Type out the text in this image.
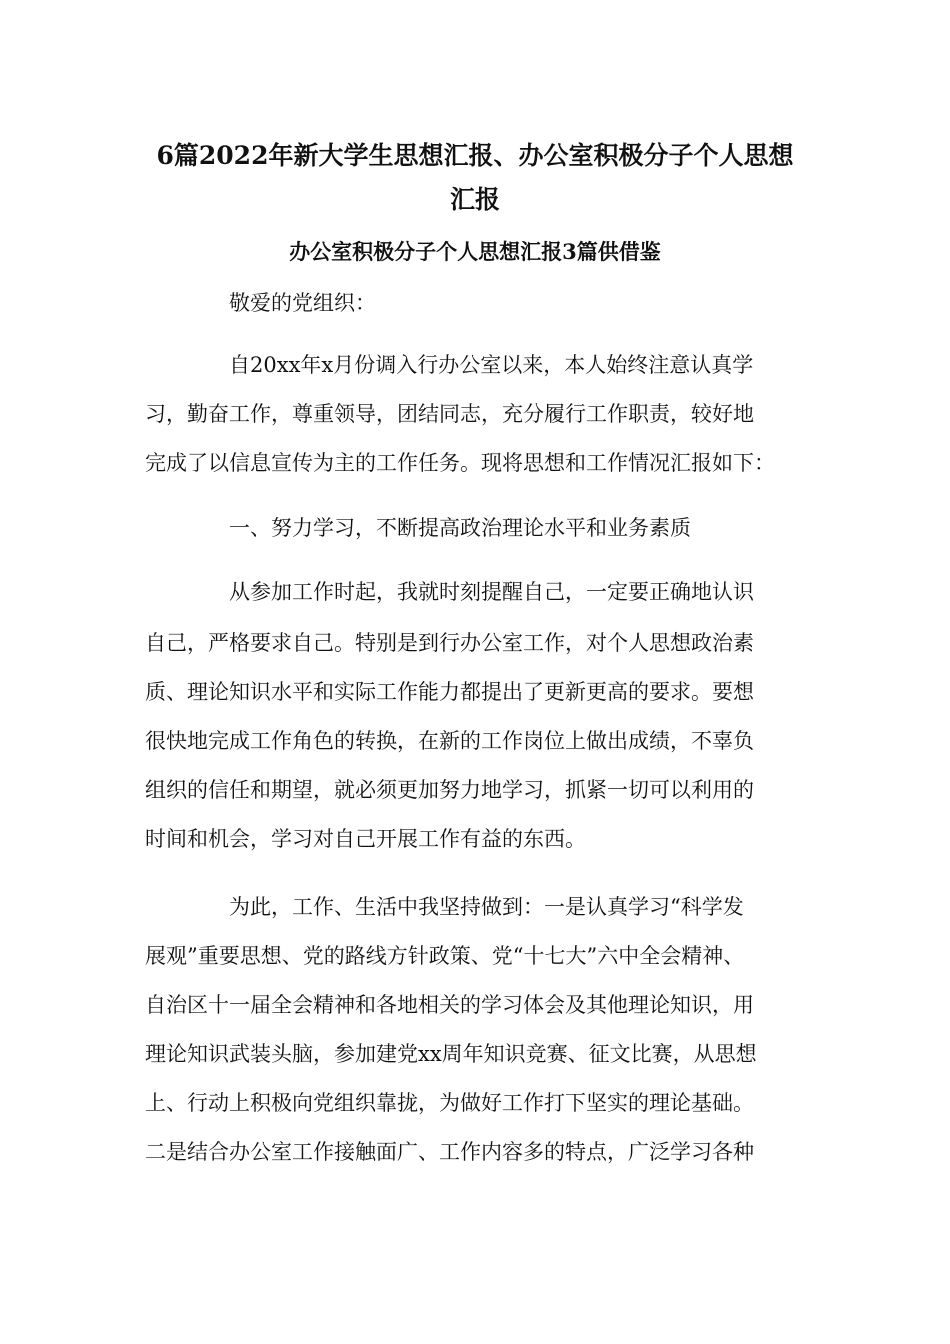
6篇2022年新大学生思想汇报、办公室积极分子个人思想
汇报
办公室积极分子个人思想汇报3篇供借鉴
敬爱的党组织：
自20xx年x月份调入行办公室以来，本人始终注意认真学
习，勤奋工作，尊重领导，团结同志，充分履行工作职责，较好地
完成了以信息宣传为主的工作任务。现将思想和工作情况汇报如下：
一、努力学习，不断提高政治理论水平和业务素质
从参加工作时起，我就时刻提醒自己，一定要正确地认识
自己，严格要求自己。特别是到行办公室工作，对个人思想政治素
质、理论知识水平和实际工作能力都提出了更新更高的要求。要想
很快地完成工作角色的转换，在新的工作岗位上做出成绩，不辜负
组织的信任和期望，就必须更加努力地学习，抓紧一切可以利用的
时间和机会，学习对自己开展工作有益的东西。
为此，工作、生活中我坚持做到：一是认真学习“科学发
展观”重要思想、党的路线方针政策、党“十七大”六中全会精神、
自治区十一届全会精神和各地相关的学习体会及其他理论知识，用
理论知识武装头脑，参加建党xx周年知识竞赛、征文比赛，从思想
上、行动上积极向党组织靠拢，为做好工作打下坚实的理论基础。
二是结合办公室工作接触面广、工作内容多的特点，广泛学习各种
